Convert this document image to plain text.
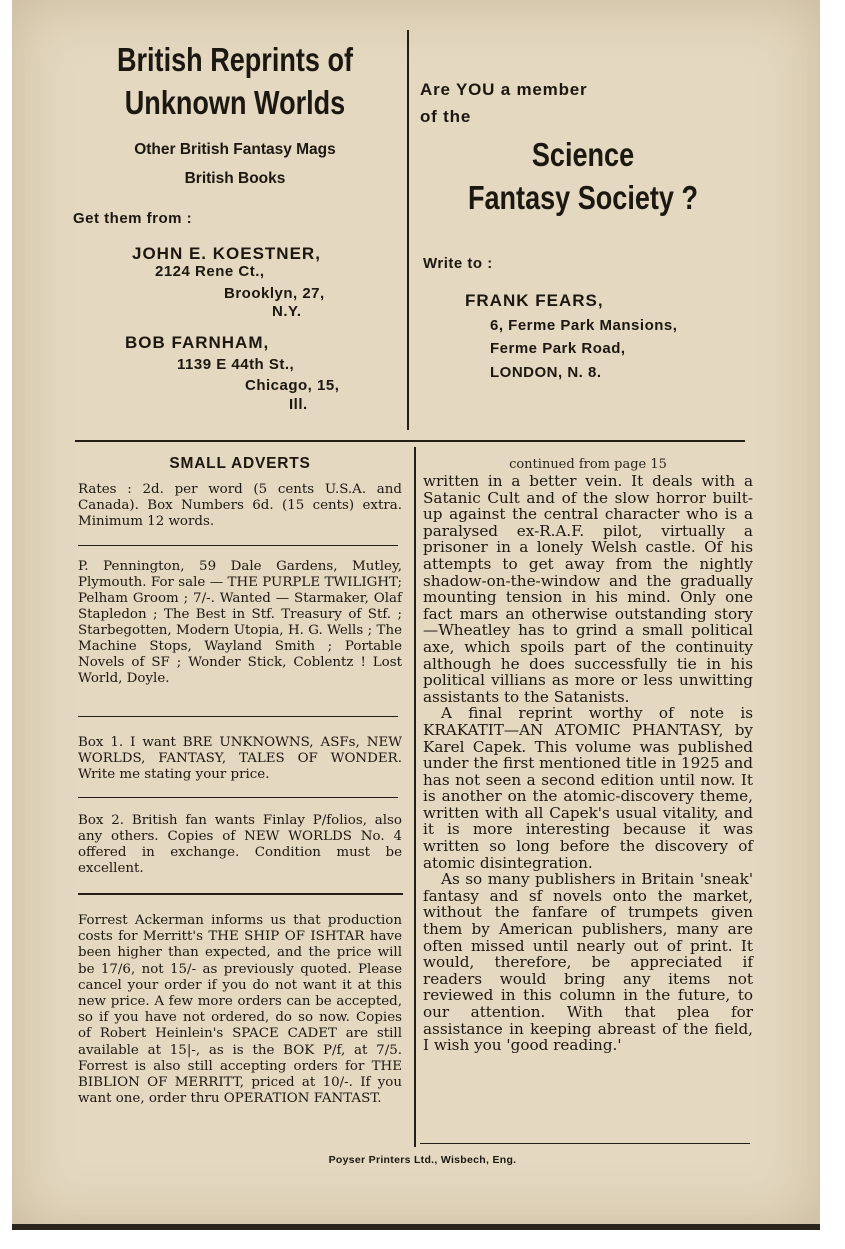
British Reprints of
Unknown Worlds
Other British Fantasy Mags
British Books
Get them from :
JOHN E. KOESTNER,
2124 Rene Ct.,
Brooklyn, 27,
N.Y.
BOB FARNHAM,
1139 E 44th St.,
Chicago, 15,
Ill.
Are YOU a member
of the
Science
Fantasy Society ?
Write to :
FRANK FEARS,
6, Ferme Park Mansions,
Ferme Park Road,
LONDON, N. 8.
SMALL ADVERTS

Rates : 2d. per word (5 cents U.S.A. and Canada). Box Numbers 6d. (15 cents) extra. Minimum 12 words.

P. Pennington, 59 Dale Gardens, Mutley, Plymouth. For sale — THE PURPLE TWILIGHT; Pelham Groom ; 7/-. Wanted — Starmaker, Olaf Stapledon ; The Best in Stf. Treasury of Stf. ; Starbegotten, Modern Utopia, H. G. Wells ; The Machine Stops, Wayland Smith ; Portable Novels of SF ; Wonder Stick, Coblentz ! Lost World, Doyle.

Box 1. I want BRE UNKNOWNS, ASFs, NEW WORLDS, FANTASY, TALES OF WONDER. Write me stating your price.

Box 2. British fan wants Finlay P/folios, also any others. Copies of NEW WORLDS No. 4 offered in exchange. Condition must be excellent.

Forrest Ackerman informs us that production costs for Merritt's THE SHIP OF ISHTAR have been higher than expected, and the price will be 17/6, not 15/- as previously quoted. Please cancel your order if you do not want it at this new price. A few more orders can be accepted, so if you have not ordered, do so now. Copies of Robert Heinlein's SPACE CADET are still available at 15|-, as is the BOK P/f, at 7/5. Forrest is also still accepting orders for THE BIBLION OF MERRITT, priced at 10/-. If you want one, order thru OPERATION FANTAST.

continued from page 15

written in a better vein. It deals with a Satanic Cult and of the slow horror built-up against the central character who is a paralysed ex-R.A.F. pilot, virtually a prisoner in a lonely Welsh castle. Of his attempts to get away from the nightly shadow-on-the-window and the gradually mounting tension in his mind. Only one fact mars an otherwise outstanding story—Wheatley has to grind a small political axe, which spoils part of the continuity although he does successfully tie in his political villians as more or less unwitting assistants to the Satanists.

A final reprint worthy of note is KRAKATIT—AN ATOMIC PHANTASY, by Karel Capek. This volume was published under the first mentioned title in 1925 and has not seen a second edition until now. It is another on the atomic-discovery theme, written with all Capek's usual vitality, and it is more interesting because it was written so long before the discovery of atomic disintegration.

As so many publishers in Britain 'sneak' fantasy and sf novels onto the market, without the fanfare of trumpets given them by American publishers, many are often missed until nearly out of print. It would, therefore, be appreciated if readers would bring any items not reviewed in this column in the future, to our attention. With that plea for assistance in keeping abreast of the field, I wish you 'good reading.'

Poyser Printers Ltd., Wisbech, Eng.
